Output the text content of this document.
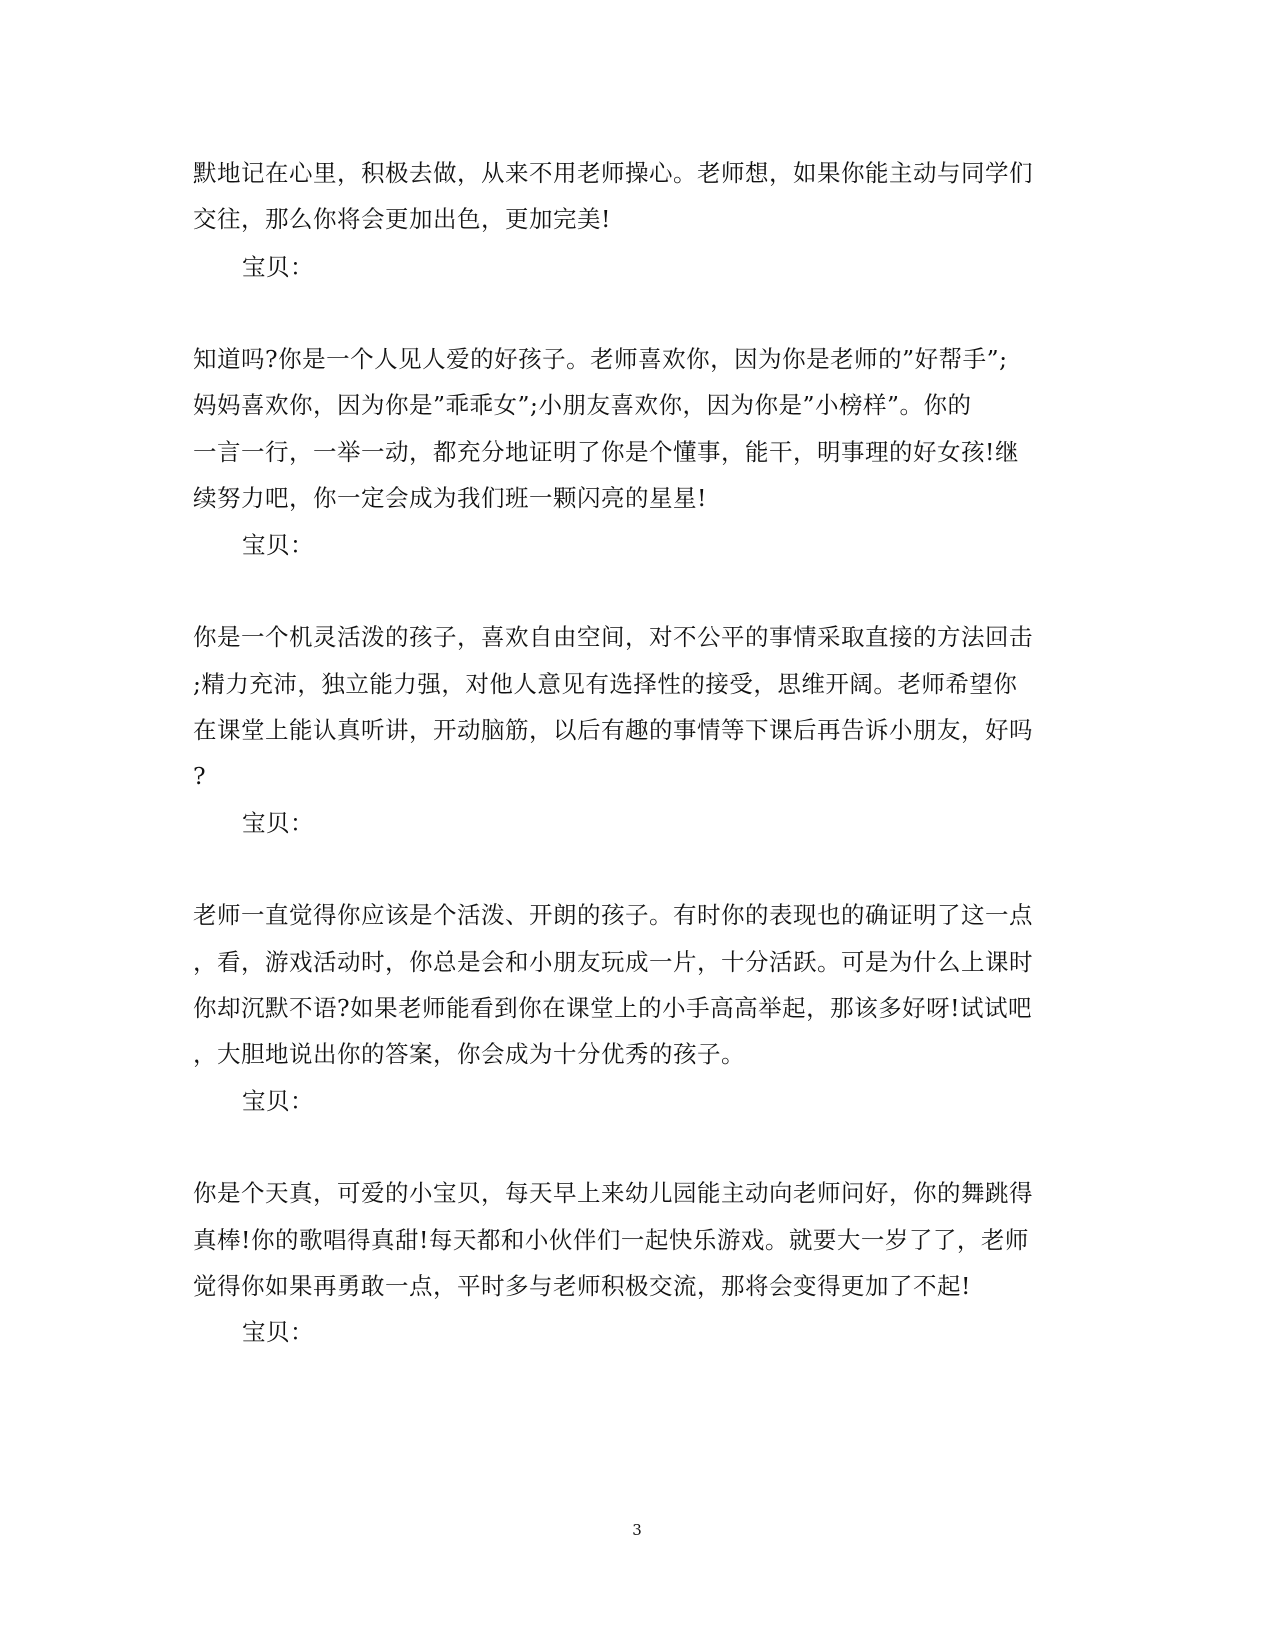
默地记在心里，积极去做，从来不用老师操心。老师想，如果你能主动与同学们
交往，那么你将会更加出色，更加完美!
宝贝：
知道吗?你是一个人见人爱的好孩子。老师喜欢你，因为你是老师的”好帮手”;
妈妈喜欢你，因为你是”乖乖女”;小朋友喜欢你，因为你是”小榜样”。你的
一言一行，一举一动，都充分地证明了你是个懂事，能干，明事理的好女孩!继
续努力吧，你一定会成为我们班一颗闪亮的星星!
宝贝：
你是一个机灵活泼的孩子，喜欢自由空间，对不公平的事情采取直接的方法回击
;精力充沛，独立能力强，对他人意见有选择性的接受，思维开阔。老师希望你
在课堂上能认真听讲，开动脑筋，以后有趣的事情等下课后再告诉小朋友，好吗
?
宝贝：
老师一直觉得你应该是个活泼、开朗的孩子。有时你的表现也的确证明了这一点
，看，游戏活动时，你总是会和小朋友玩成一片，十分活跃。可是为什么上课时
你却沉默不语?如果老师能看到你在课堂上的小手高高举起，那该多好呀!试试吧
，大胆地说出你的答案，你会成为十分优秀的孩子。
宝贝：
你是个天真，可爱的小宝贝，每天早上来幼儿园能主动向老师问好，你的舞跳得
真棒!你的歌唱得真甜!每天都和小伙伴们一起快乐游戏。就要大一岁了了，老师
觉得你如果再勇敢一点，平时多与老师积极交流，那将会变得更加了不起!
宝贝：
3
